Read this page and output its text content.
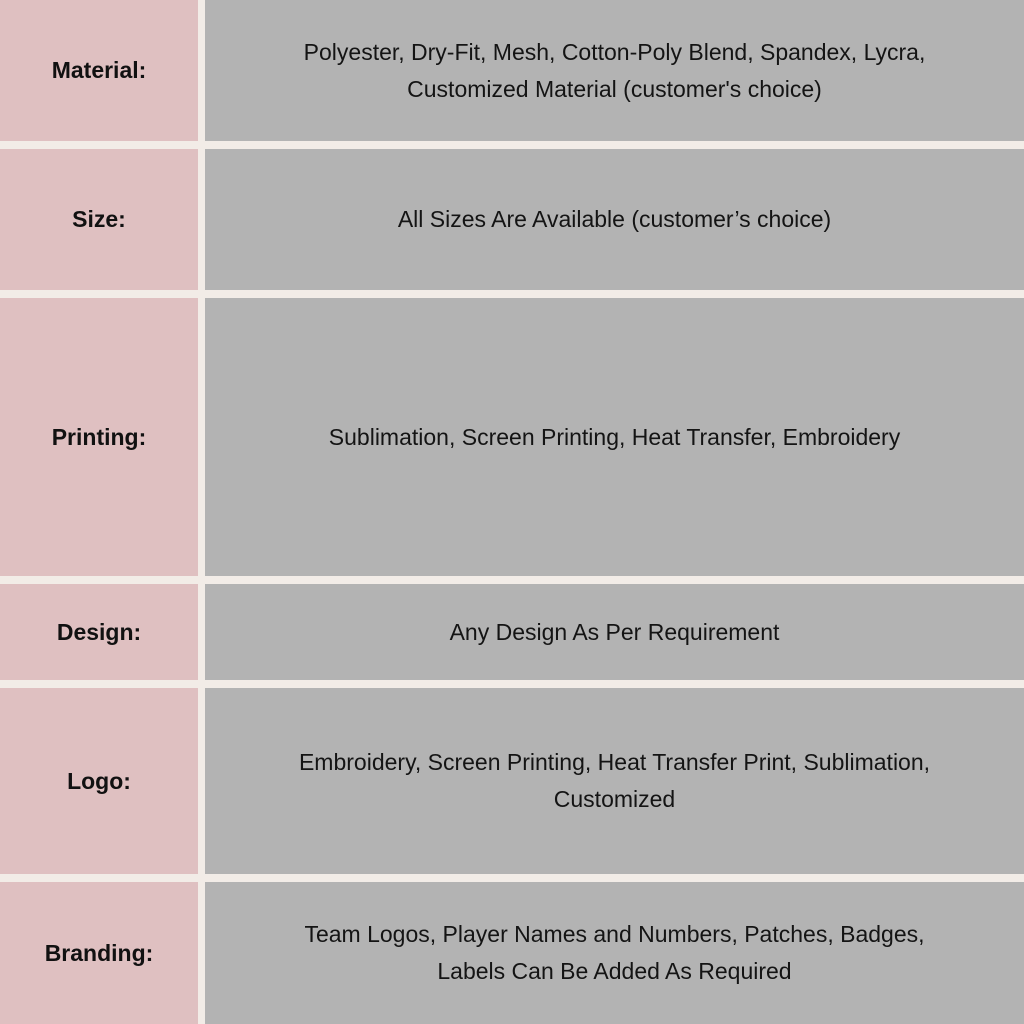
Material:
Polyester, Dry-Fit, Mesh, Cotton-Poly Blend, Spandex, Lycra,
Customized Material (customer's choice)
Size:	All Sizes Are Available (customer’s choice)
Printing:	Sublimation, Screen Printing, Heat Transfer, Embroidery
Design:	Any Design As Per Requirement
Logo:
Embroidery, Screen Printing, Heat Transfer Print, Sublimation,
Customized
Branding:
Team Logos, Player Names and Numbers, Patches, Badges,
Labels Can Be Added As Required
